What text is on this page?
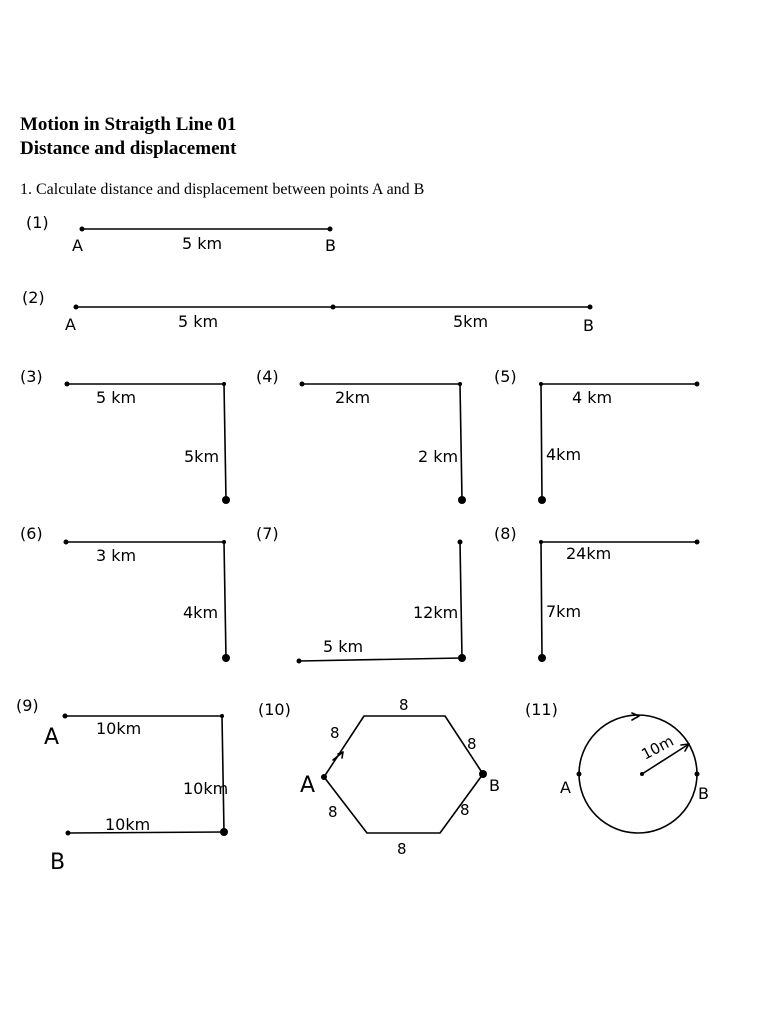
Motion in Straigth Line 01
Distance and displacement
1. Calculate distance and displacement between points A and B
(1)
A	B
5 km
(2)
A	B
5 km	5km
(3)
5 km
5km
(4)
2km
2 km
(5)
4 km
4km
(6)
3 km
4km
(7)
12km
5 km
(8)
24km
7km
(9)
A
B
10km
10km
10km
(10)
A	B
8
8
8
8
8
8
(11)
A	B
10m
